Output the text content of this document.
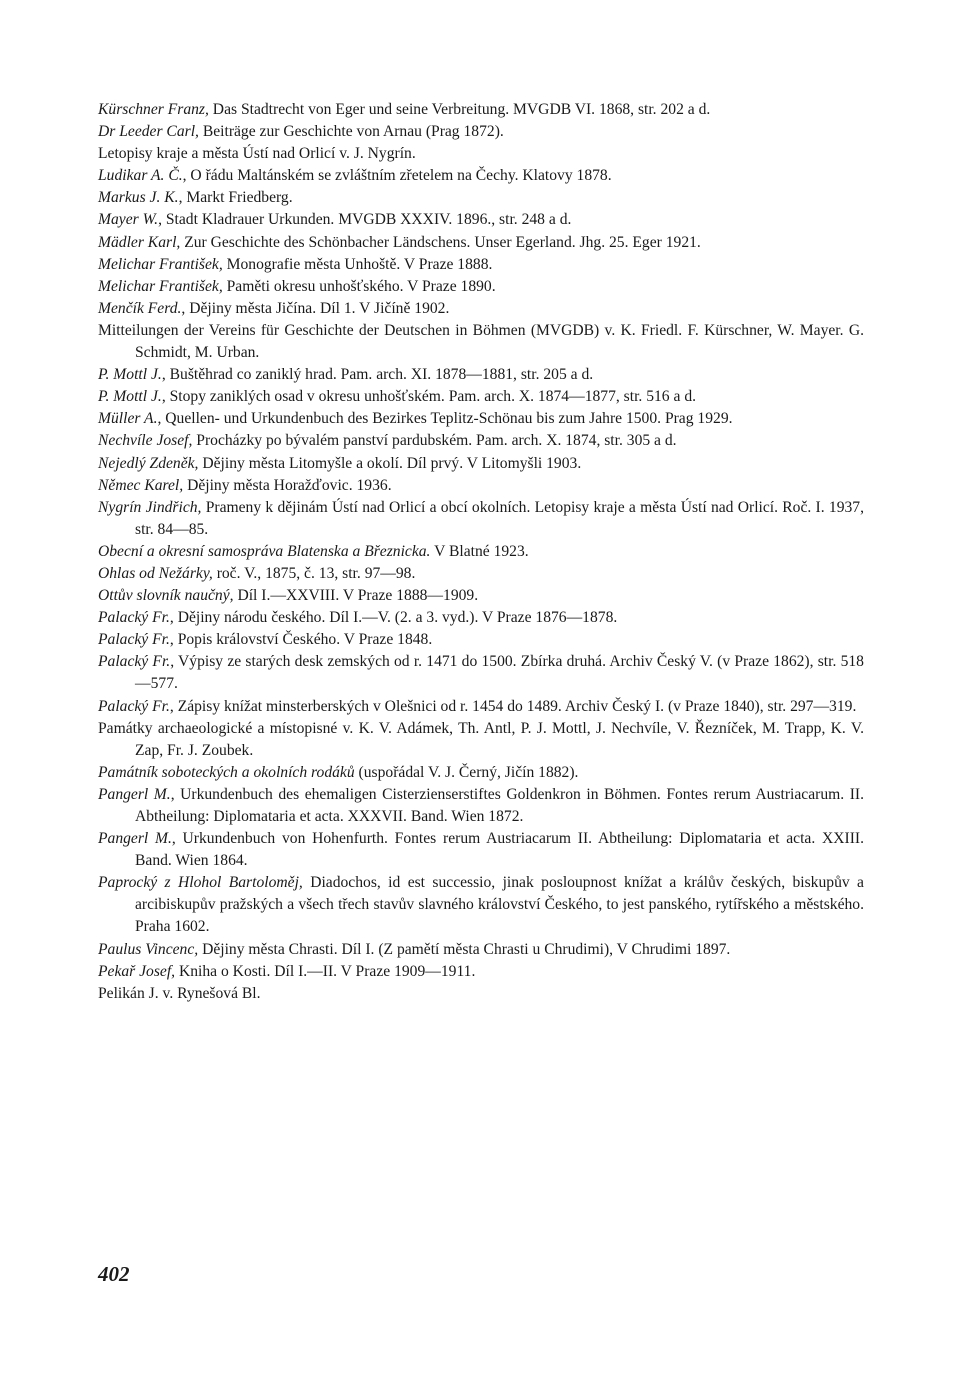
Kürschner Franz, Das Stadtrecht von Eger und seine Verbreitung. MVGDB VI. 1868, str. 202 a d.
Dr Leeder Carl, Beiträge zur Geschichte von Arnau (Prag 1872).
Letopisy kraje a města Ústí nad Orlicí v. J. Nygrín.
Ludikar A. Č., O řádu Maltánském se zvláštním zřetelem na Čechy. Klatovy 1878.
Markus J. K., Markt Friedberg.
Mayer W., Stadt Kladrauer Urkunden. MVGDB XXXIV. 1896., str. 248 a d.
Mädler Karl, Zur Geschichte des Schönbacher Ländschens. Unser Egerland. Jhg. 25. Eger 1921.
Melichar František, Monografie města Unhoště. V Praze 1888.
Melichar František, Paměti okresu unhošťského. V Praze 1890.
Menčík Ferd., Dějiny města Jičína. Díl 1. V Jičíně 1902.
Mitteilungen der Vereins für Geschichte der Deutschen in Böhmen (MVGDB) v. K. Friedl. F. Kürschner, W. Mayer. G. Schmidt, M. Urban.
P. Mottl J., Buštěhrad co zaniklý hrad. Pam. arch. XI. 1878—1881, str. 205 a d.
P. Mottl J., Stopy zaniklých osad v okresu unhošťském. Pam. arch. X. 1874—1877, str. 516 a d.
Müller A., Quellen- und Urkundenbuch des Bezirkes Teplitz-Schönau bis zum Jahre 1500. Prag 1929.
Nechvíle Josef, Procházky po bývalém panství pardubském. Pam. arch. X. 1874, str. 305 a d.
Nejedlý Zdeněk, Dějiny města Litomyšle a okolí. Díl prvý. V Litomyšli 1903.
Němec Karel, Dějiny města Horažďovic. 1936.
Nygrín Jindřich, Prameny k dějinám Ústí nad Orlicí a obcí okolních. Letopisy kraje a města Ústí nad Orlicí. Roč. I. 1937, str. 84—85.
Obecní a okresní samospráva Blatenska a Březnicka. V Blatné 1923.
Ohlas od Nežárky, roč. V., 1875, č. 13, str. 97—98.
Ottův slovník naučný, Díl I.—XXVIII. V Praze 1888—1909.
Palacký Fr., Dějiny národu českého. Díl I.—V. (2. a 3. vyd.). V Praze 1876—1878.
Palacký Fr., Popis království Českého. V Praze 1848.
Palacký Fr., Výpisy ze starých desk zemských od r. 1471 do 1500. Zbírka druhá. Archiv Český V. (v Praze 1862), str. 518—577.
Palacký Fr., Zápisy knížat minsterberských v Olešnici od r. 1454 do 1489. Archiv Český I. (v Praze 1840), str. 297—319.
Památky archaeologické a místopisné v. K. V. Adámek, Th. Antl, P. J. Mottl, J. Nechvíle, V. Řezníček, M. Trapp, K. V. Zap, Fr. J. Zoubek.
Památník soboteckých a okolních rodáků (uspořádal V. J. Černý, Jičín 1882).
Pangerl M., Urkundenbuch des ehemaligen Cisterzienserstiftes Goldenkron in Böhmen. Fontes rerum Austriacarum. II. Abtheilung: Diplomataria et acta. XXXVII. Band. Wien 1872.
Pangerl M., Urkundenbuch von Hohenfurth. Fontes rerum Austriacarum II. Abtheilung: Diplomataria et acta. XXIII. Band. Wien 1864.
Paprocký z Hlohol Bartoloměj, Diadochos, id est successio, jinak posloupnost knížat a králův českých, biskupův a arcibiskupův pražských a všech třech stavův slavného království Českého, to jest panského, rytířského a městského. Praha 1602.
Paulus Vincenc, Dějiny města Chrasti. Díl I. (Z pamětí města Chrasti u Chrudimi), V Chrudimi 1897.
Pekař Josef, Kniha o Kosti. Díl I.—II. V Praze 1909—1911.
Pelikán J. v. Rynešová Bl.
402
